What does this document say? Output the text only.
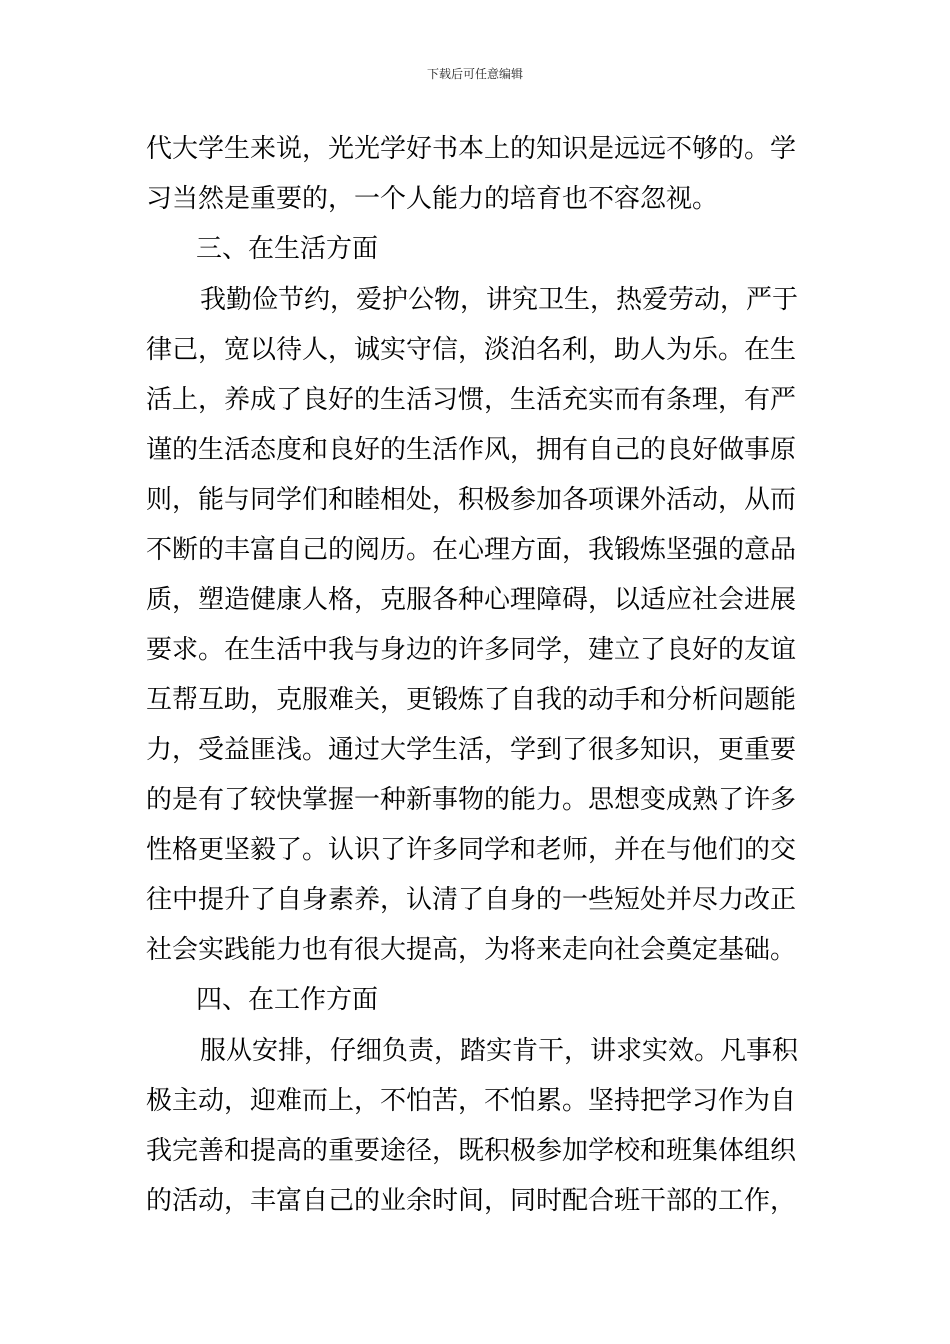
下载后可任意编辑
代大学生来说，光光学好书本上的知识是远远不够的。学
习当然是重要的，一个人能力的培育也不容忽视。
三、在生活方面
我勤俭节约，爱护公物，讲究卫生，热爱劳动，严于
律己，宽以待人，诚实守信，淡泊名利，助人为乐。在生
活上，养成了良好的生活习惯，生活充实而有条理，有严
谨的生活态度和良好的生活作风，拥有自己的良好做事原
则，能与同学们和睦相处，积极参加各项课外活动，从而
不断的丰富自己的阅历。在心理方面，我锻炼坚强的意品
质，塑造健康人格，克服各种心理障碍，以适应社会进展
要求。在生活中我与身边的许多同学，建立了良好的友谊
互帮互助，克服难关，更锻炼了自我的动手和分析问题能
力，受益匪浅。通过大学生活，学到了很多知识，更重要
的是有了较快掌握一种新事物的能力。思想变成熟了许多
性格更坚毅了。认识了许多同学和老师，并在与他们的交
往中提升了自身素养，认清了自身的一些短处并尽力改正
社会实践能力也有很大提高，为将来走向社会奠定基础。
四、在工作方面
服从安排，仔细负责，踏实肯干，讲求实效。凡事积
极主动，迎难而上，不怕苦，不怕累。坚持把学习作为自
我完善和提高的重要途径，既积极参加学校和班集体组织
的活动，丰富自己的业余时间，同时配合班干部的工作，
